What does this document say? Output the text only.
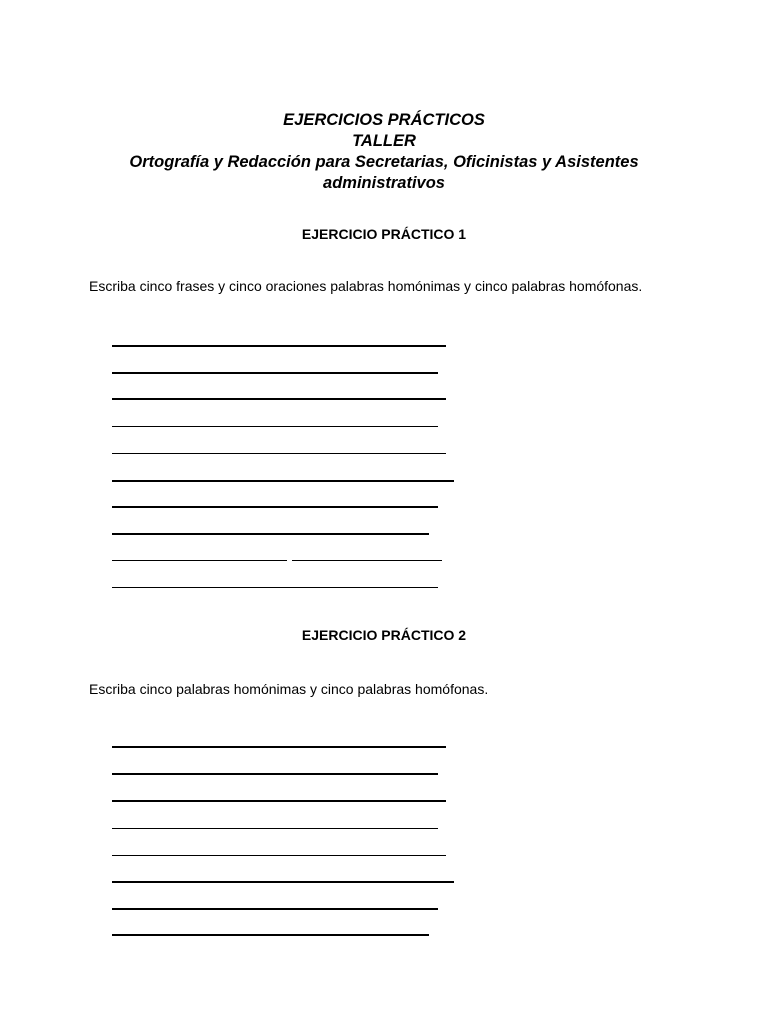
EJERCICIOS PRÁCTICOS
TALLER
Ortografía y Redacción para Secretarias, Oficinistas y Asistentes
administrativos
EJERCICIO PRÁCTICO 1
Escriba cinco frases y cinco oraciones palabras homónimas y cinco palabras homófonas.
EJERCICIO PRÁCTICO 2
Escriba cinco palabras homónimas y cinco palabras homófonas.
